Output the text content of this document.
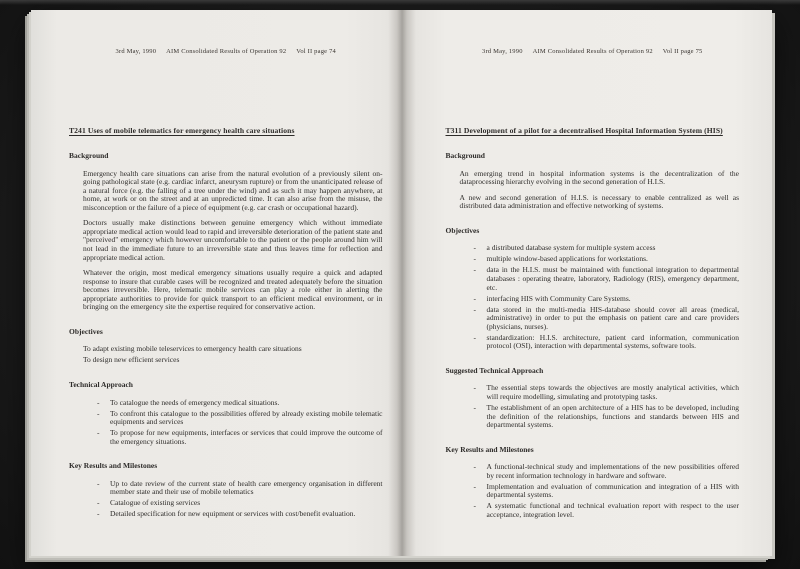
3rd May, 1990 AIM Consolidated Results of Operation 92 Vol II page 74
T241 Uses of mobile telematics for emergency health care situations
Background

Emergency health care situations can arise from the natural evolution of a previously silent on-going pathological state (e.g. cardiac infarct, aneurysm rupture) or from the unanticipated release of a natural force (e.g. the falling of a tree under the wind) and as such it may happen anywhere, at home, at work or on the street and at an unpredicted time. It can also arise from the misuse, the misconception or the failure of a piece of equipment (e.g. car crash or occupational hazard).

Doctors usually make distinctions between genuine emergency which without immediate appropriate medical action would lead to rapid and irreversible deterioration of the patient state and "perceived" emergency which however uncomfortable to the patient or the people around him will not lead in the immediate future to an irreversible state and thus leaves time for reflection and appropriate medical action.

Whatever the origin, most medical emergency situations usually require a quick and adapted response to insure that curable cases will be recognized and treated adequately before the situation becomes irreversible. Here, telematic mobile services can play a role either in alerting the appropriate authorities to provide for quick transport to an efficient medical environment, or in bringing on the emergency site the expertise required for conservative action.

Objectives
To adapt existing mobile teleservices to emergency health care situations
To design new efficient services
Technical Approach
-	To catalogue the needs of emergency medical situations.
-	To confront this catalogue to the possibilities offered by already existing mobile telematic equipments and services
-	To propose for new equipments, interfaces or services that could improve the outcome of the emergency situations.
Key Results and Milestones
-	Up to date review of the current state of health care emergency organisation in different member state and their use of mobile telematics
-	Catalogue of existing services
-	Detailed specification for new equipment or services with cost/benefit evaluation.
3rd May, 1990 AIM Consolidated Results of Operation 92 Vol II page 75
T311 Development of a pilot for a decentralised Hospital Information System (HIS)
Background

An emerging trend in hospital information systems is the decentralization of the dataprocessing hierarchy evolving in the second generation of H.I.S.

A new and second generation of H.I.S. is necessary to enable centralized as well as distributed data administration and effective networking of systems.

Objectives
-	a distributed database system for multiple system access
-	multiple window-based applications for workstations.
-	data in the H.I.S. must be maintained with functional integration to departmental databases : operating theatre, laboratory, Radiology (RIS), emergency department, etc.
-	interfacing HIS with Community Care Systems.
-	data stored in the multi-media HIS-database should cover all areas (medical, administrative) in order to put the emphasis on patient care and care providers (physicians, nurses).
-	standardization: H.I.S. architecture, patient card information, communication protocol (OSI), interaction with departmental systems, software tools.
Suggested Technical Approach
-	The essential steps towards the objectives are mostly analytical activities, which will require modelling, simulating and prototyping tasks.
-	The establishment of an open architecture of a HIS has to be developed, including the definition of the relationships, functions and standards between HIS and departmental systems.
Key Results and Milestones
-	A functional-technical study and implementations of the new possibilities offered by recent information technology in hardware and software.
-	Implementation and evaluation of communication and integration of a HIS with departmental systems.
-	A systematic functional and technical evaluation report with respect to the user acceptance, integration level.
